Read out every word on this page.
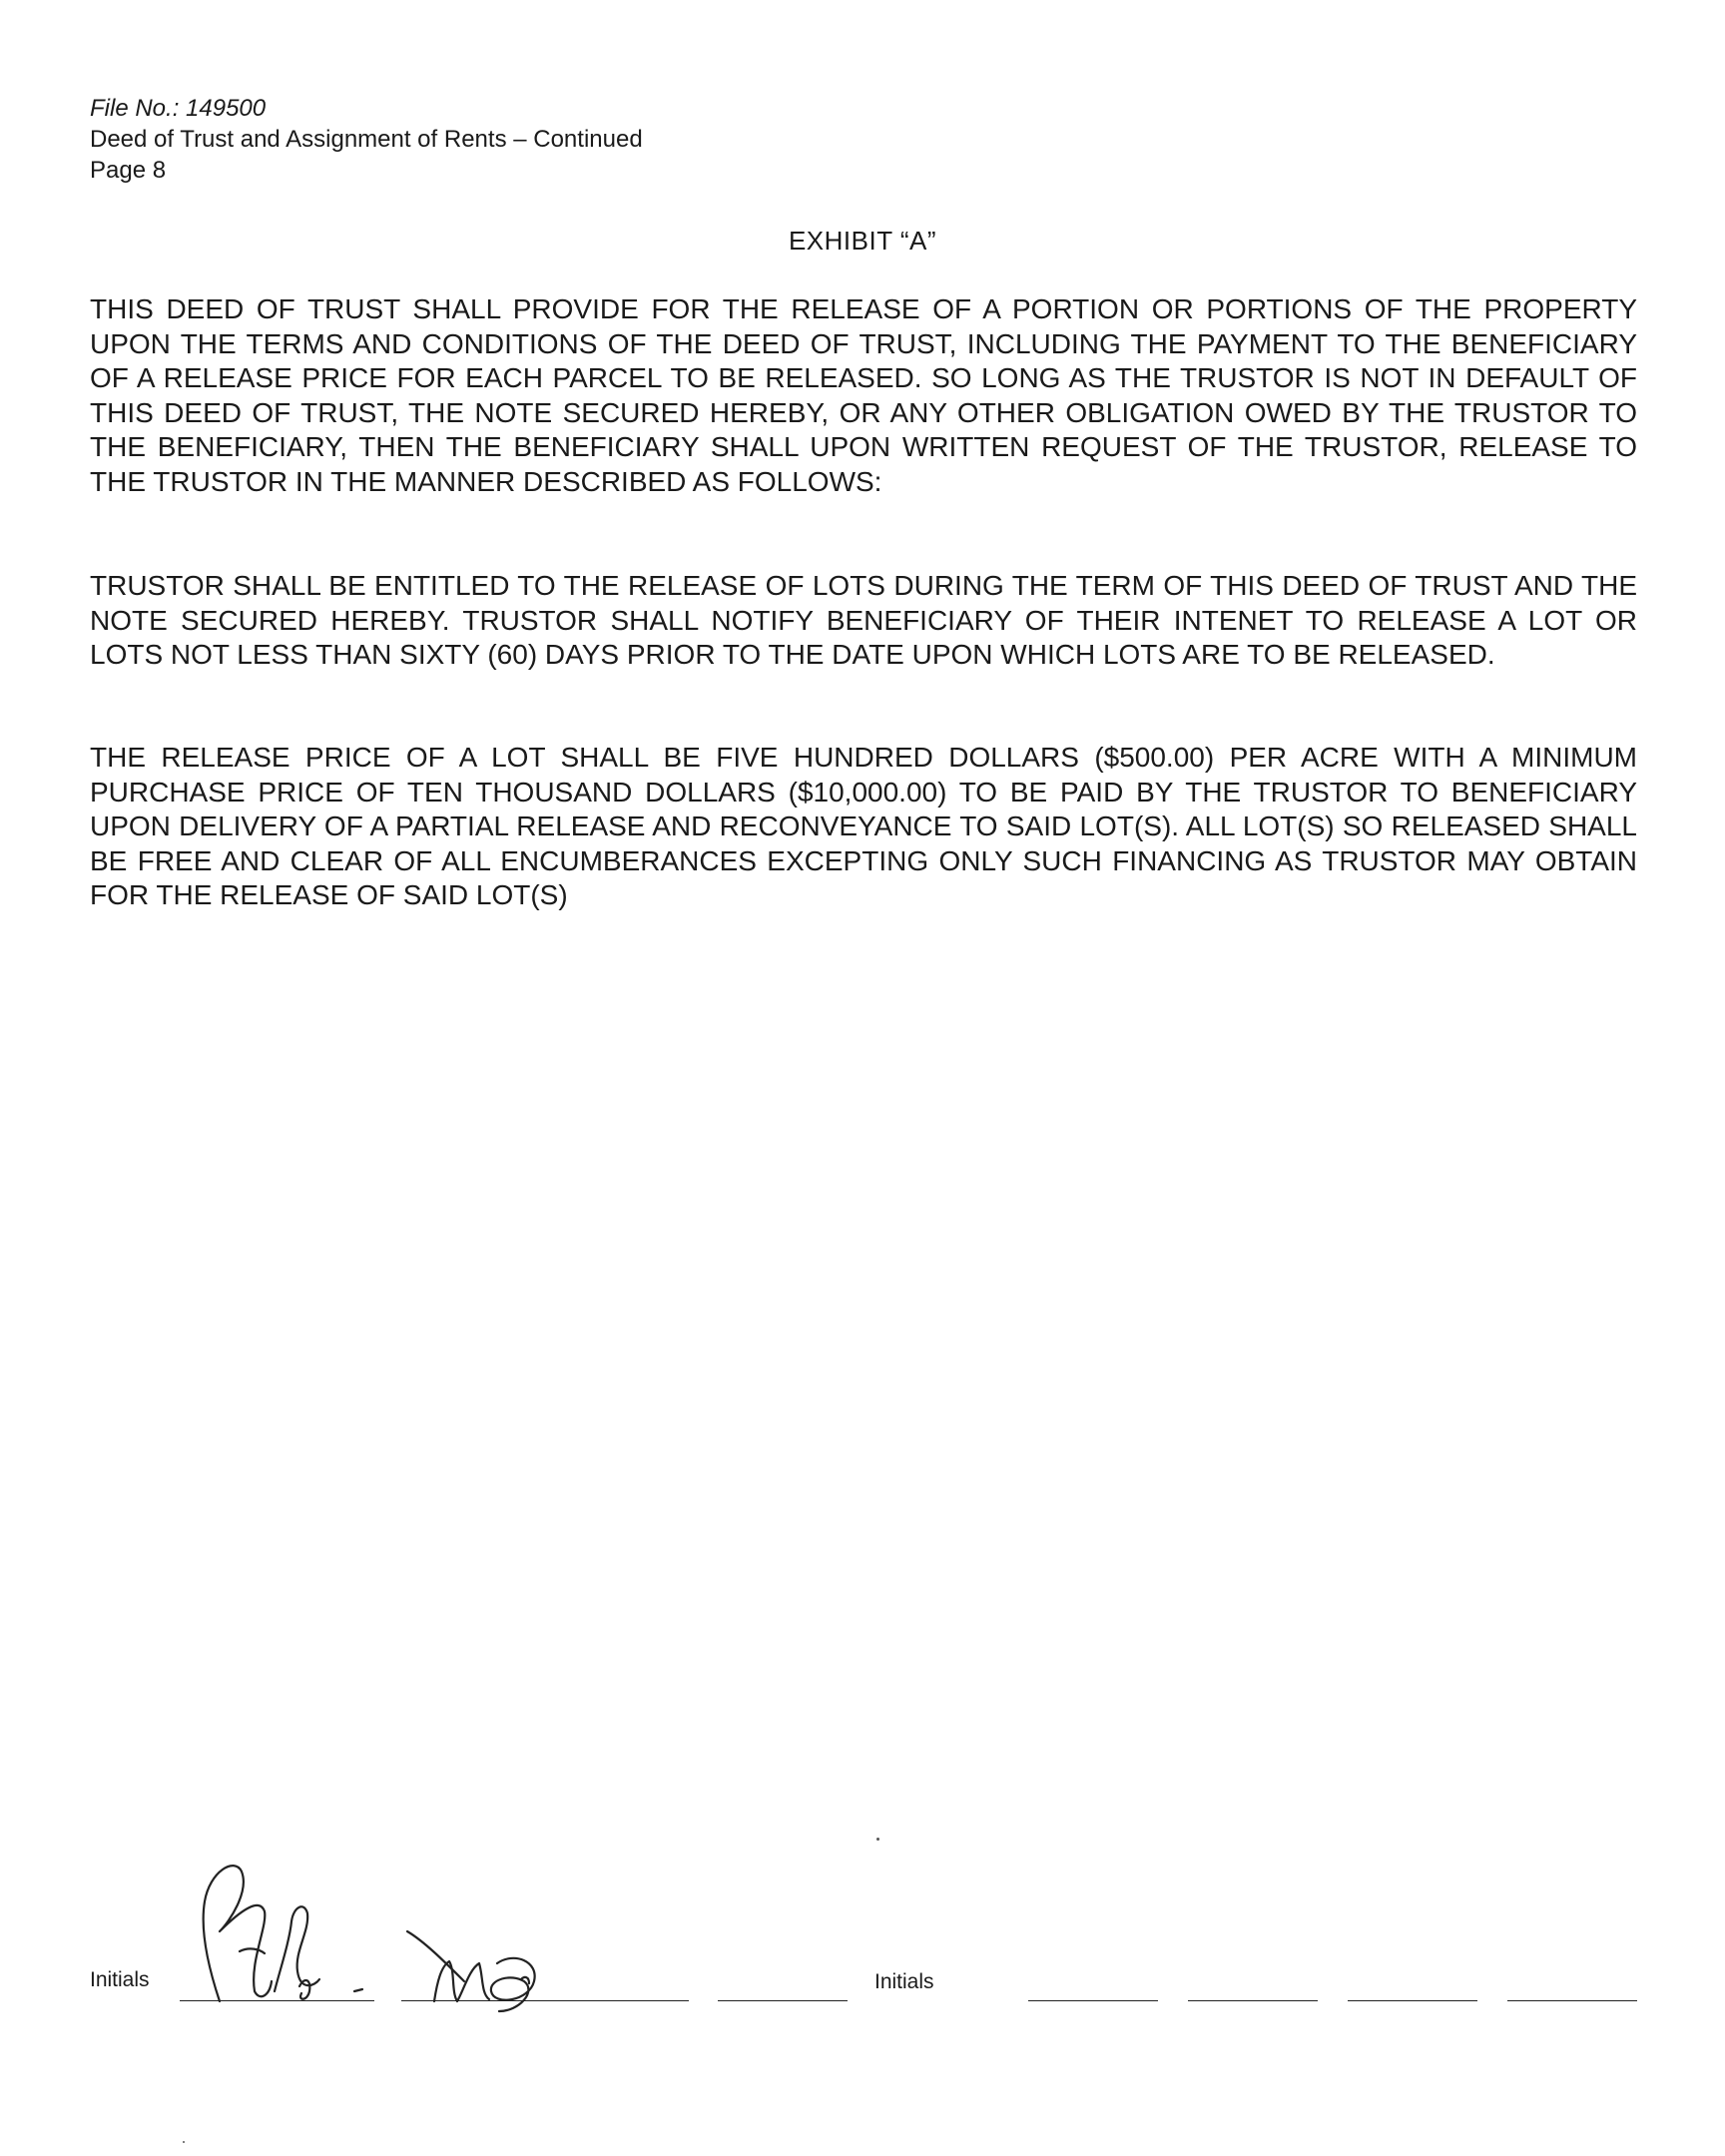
File No.: 149500
Deed of Trust and Assignment of Rents – Continued
Page 8
EXHIBIT “A”
THIS DEED OF TRUST SHALL PROVIDE FOR THE RELEASE OF A PORTION OR PORTIONS OF THE PROPERTY UPON THE TERMS AND CONDITIONS OF THE DEED OF TRUST, INCLUDING THE PAYMENT TO THE BENEFICIARY OF A RELEASE PRICE FOR EACH PARCEL TO BE RELEASED. SO LONG AS THE TRUSTOR IS NOT IN DEFAULT OF THIS DEED OF TRUST, THE NOTE SECURED HEREBY, OR ANY OTHER OBLIGATION OWED BY THE TRUSTOR TO THE BENEFICIARY, THEN THE BENEFICIARY SHALL UPON WRITTEN REQUEST OF THE TRUSTOR, RELEASE TO THE TRUSTOR IN THE MANNER DESCRIBED AS FOLLOWS:
TRUSTOR SHALL BE ENTITLED TO THE RELEASE OF LOTS DURING THE TERM OF THIS DEED OF TRUST AND THE NOTE SECURED HEREBY. TRUSTOR SHALL NOTIFY BENEFICIARY OF THEIR INTENET TO RELEASE A LOT OR LOTS NOT LESS THAN SIXTY (60) DAYS PRIOR TO THE DATE UPON WHICH LOTS ARE TO BE RELEASED.
THE RELEASE PRICE OF A LOT SHALL BE FIVE HUNDRED DOLLARS ($500.00) PER ACRE WITH A MINIMUM PURCHASE PRICE OF TEN THOUSAND DOLLARS ($10,000.00) TO BE PAID BY THE TRUSTOR TO BENEFICIARY UPON DELIVERY OF A PARTIAL RELEASE AND RECONVEYANCE TO SAID LOT(S). ALL LOT(S) SO RELEASED SHALL BE FREE AND CLEAR OF ALL ENCUMBERANCES EXCEPTING ONLY SUCH FINANCING AS TRUSTOR MAY OBTAIN FOR THE RELEASE OF SAID LOT(S)
Initials	Initials
